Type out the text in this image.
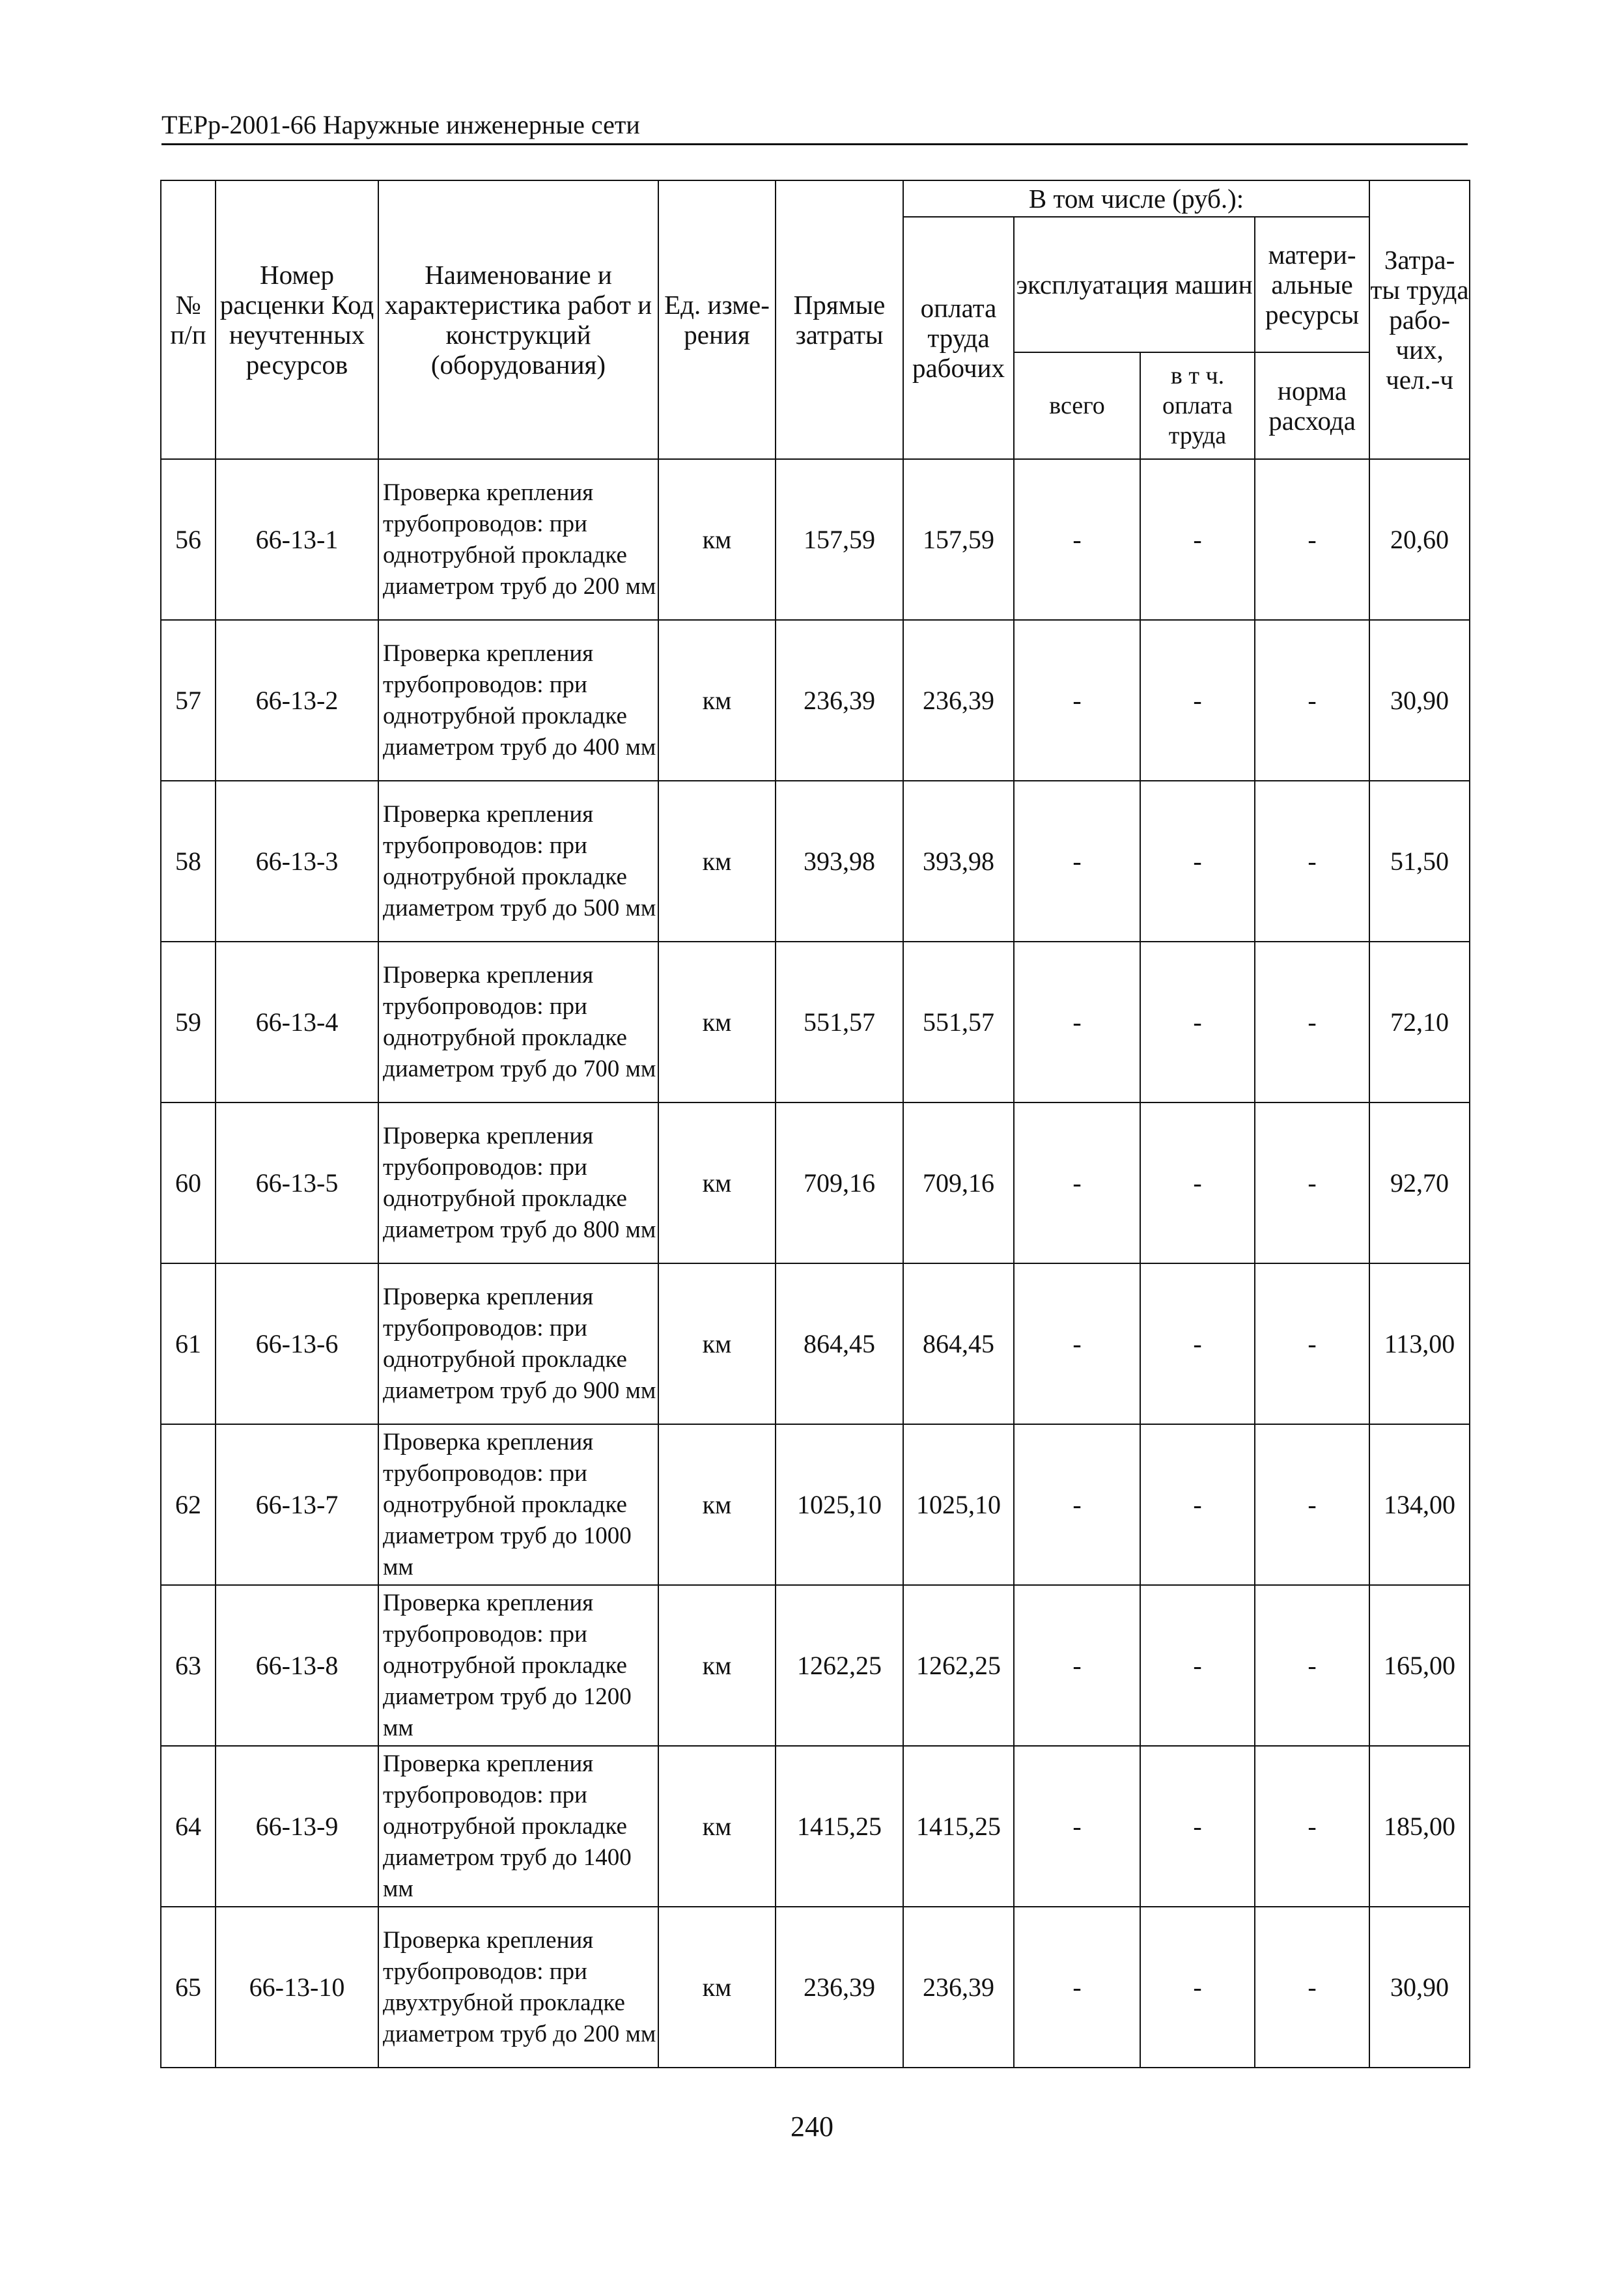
ТЕРр-2001-66 Наружные инженерные сети
№ п/п	Номер расценки Код неучтенных ресурсов	Наименование и характеристика работ и конструкций (оборудования)	Ед. изме-рения	Прямые затраты	В том числе (руб.):				Затра-ты труда рабо-чих, чел.-ч
					оплата труда рабочих	эксплуатация машин		матери-альные ресурсы	
						всего	в т ч. оплата труда	норма расхода	
56	66-13-1	Проверка крепления трубопроводов: при однотрубной прокладке диаметром труб до 200 мм	км	157,59	157,59	-	-	-	20,60
57	66-13-2	Проверка крепления трубопроводов: при однотрубной прокладке диаметром труб до 400 мм	км	236,39	236,39	-	-	-	30,90
58	66-13-3	Проверка крепления трубопроводов: при однотрубной прокладке диаметром труб до 500 мм	км	393,98	393,98	-	-	-	51,50
59	66-13-4	Проверка крепления трубопроводов: при однотрубной прокладке диаметром труб до 700 мм	км	551,57	551,57	-	-	-	72,10
60	66-13-5	Проверка крепления трубопроводов: при однотрубной прокладке диаметром труб до 800 мм	км	709,16	709,16	-	-	-	92,70
61	66-13-6	Проверка крепления трубопроводов: при однотрубной прокладке диаметром труб до 900 мм	км	864,45	864,45	-	-	-	113,00
62	66-13-7	Проверка крепления трубопроводов: при однотрубной прокладке диаметром труб до 1000 мм	км	1025,10	1025,10	-	-	-	134,00
63	66-13-8	Проверка крепления трубопроводов: при однотрубной прокладке диаметром труб до 1200 мм	км	1262,25	1262,25	-	-	-	165,00
64	66-13-9	Проверка крепления трубопроводов: при однотрубной прокладке диаметром труб до 1400 мм	км	1415,25	1415,25	-	-	-	185,00
65	66-13-10	Проверка крепления трубопроводов: при двухтрубной прокладке диаметром труб до 200 мм	км	236,39	236,39	-	-	-	30,90
240
